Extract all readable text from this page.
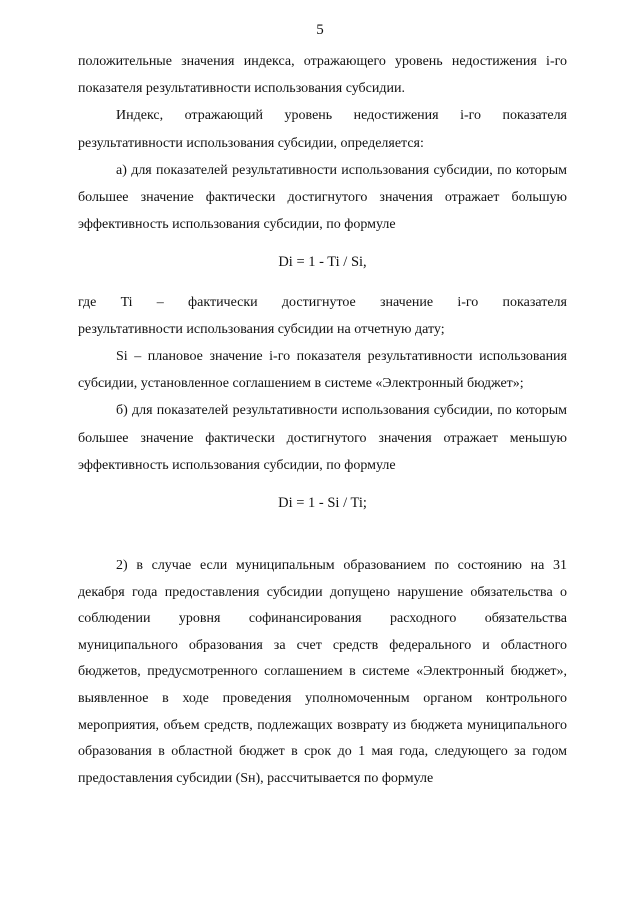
5

положительные значения индекса, отражающего уровень недостижения i-го показателя результативности использования субсидии.

Индекс, отражающий уровень недостижения i-го показателя результативности использования субсидии, определяется:

а) для показателей результативности использования субсидии, по которым большее значение фактически достигнутого значения отражает большую эффективность использования субсидии, по формуле

Di = 1 - Ti / Si,

где    Ti    –    фактически    достигнутое    значение    i-го    показателя результативности использования субсидии на отчетную дату;

Si – плановое значение i-го показателя результативности использования субсидии, установленное соглашением в системе «Электронный бюджет»;

б) для показателей результативности использования субсидии, по которым большее значение фактически достигнутого значения отражает меньшую эффективность использования субсидии, по формуле

Di = 1 - Si / Ti;

2) в случае если муниципальным образованием по состоянию на 31 декабря года предоставления субсидии допущено нарушение обязательства о соблюдении уровня софинансирования расходного обязательства муниципального образования за счет средств федерального и областного бюджетов, предусмотренного соглашением в системе «Электронный бюджет», выявленное в ходе проведения уполномоченным органом контрольного мероприятия, объем средств, подлежащих возврату из бюджета муниципального образования в областной бюджет в срок до 1 мая года, следующего за годом предоставления субсидии (Sн), рассчитывается по формуле
